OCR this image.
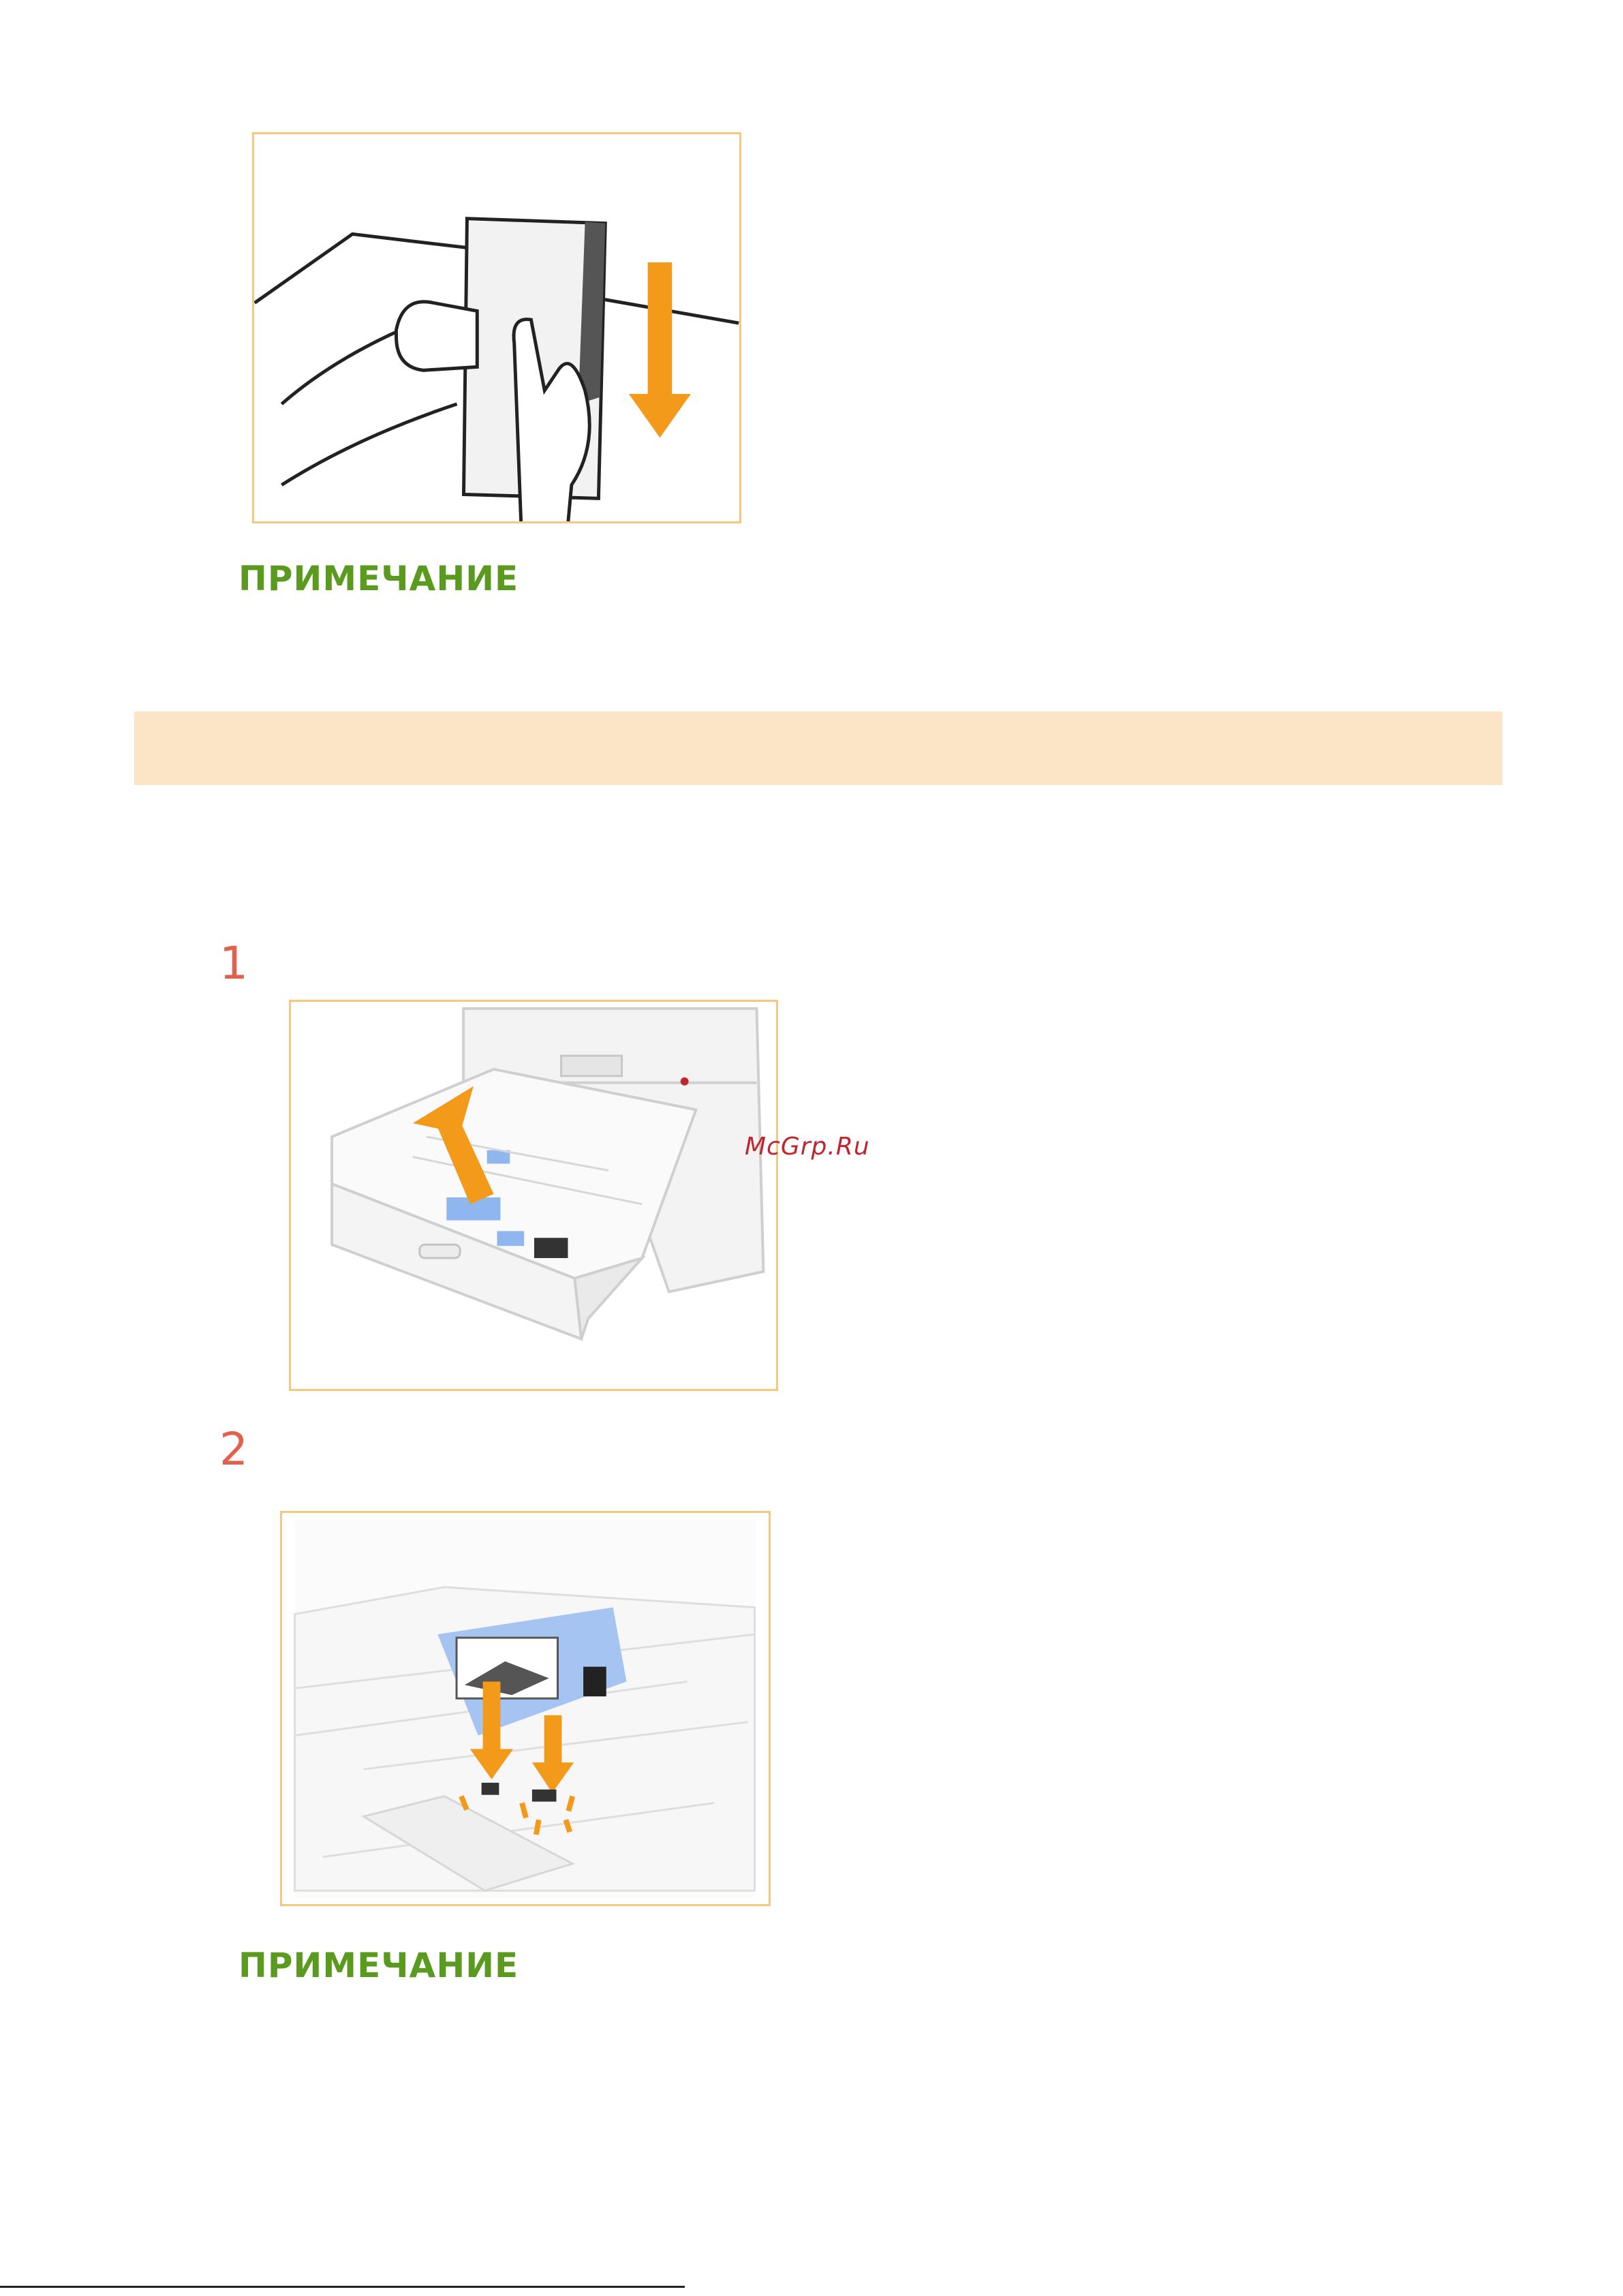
ПРИМЕЧАНИЕ
1
McGrp.Ru
2
ПРИМЕЧАНИЕ
